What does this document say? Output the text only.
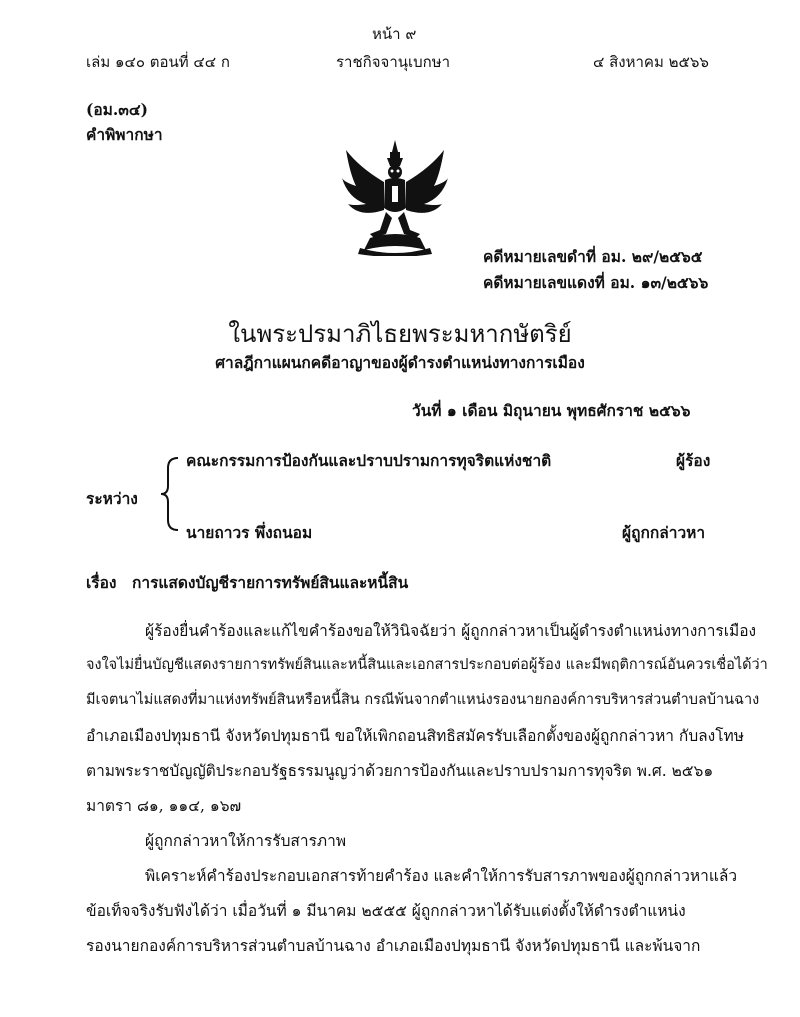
หน้า ๙
เล่ม ๑๔๐ ตอนที่ ๔๔ ก	ราชกิจจานุเบกษา	๔ สิงหาคม ๒๕๖๖
(อม.๓๔)
คำพิพากษา
คดีหมายเลขดำที่ อม. ๒๙/๒๕๖๕
คดีหมายเลขแดงที่ อม. ๑๓/๒๕๖๖
ในพระปรมาภิไธยพระมหากษัตริย์
ศาลฎีกาแผนกคดีอาญาของผู้ดำรงตำแหน่งทางการเมือง
วันที่ ๑ เดือน มิถุนายน พุทธศักราช ๒๕๖๖
ระหว่าง
คณะกรรมการป้องกันและปราบปรามการทุจริตแห่งชาติ	ผู้ร้อง
นายถาวร พึ่งถนอม	ผู้ถูกกล่าวหา
เรื่อง การแสดงบัญชีรายการทรัพย์สินและหนี้สิน
ผู้ร้องยื่นคำร้องและแก้ไขคำร้องขอให้วินิจฉัยว่า ผู้ถูกกล่าวหาเป็นผู้ดำรงตำแหน่งทางการเมือง
จงใจไม่ยื่นบัญชีแสดงรายการทรัพย์สินและหนี้สินและเอกสารประกอบต่อผู้ร้อง และมีพฤติการณ์อันควรเชื่อได้ว่า
มีเจตนาไม่แสดงที่มาแห่งทรัพย์สินหรือหนี้สิน กรณีพ้นจากตำแหน่งรองนายกองค์การบริหารส่วนตำบลบ้านฉาง
อำเภอเมืองปทุมธานี จังหวัดปทุมธานี ขอให้เพิกถอนสิทธิสมัครรับเลือกตั้งของผู้ถูกกล่าวหา กับลงโทษ
ตามพระราชบัญญัติประกอบรัฐธรรมนูญว่าด้วยการป้องกันและปราบปรามการทุจริต พ.ศ. ๒๕๖๑
มาตรา ๘๑, ๑๑๔, ๑๖๗
ผู้ถูกกล่าวหาให้การรับสารภาพ
พิเคราะห์คำร้องประกอบเอกสารท้ายคำร้อง และคำให้การรับสารภาพของผู้ถูกกล่าวหาแล้ว
ข้อเท็จจริงรับฟังได้ว่า เมื่อวันที่ ๑ มีนาคม ๒๕๕๕ ผู้ถูกกล่าวหาได้รับแต่งตั้งให้ดำรงตำแหน่ง
รองนายกองค์การบริหารส่วนตำบลบ้านฉาง อำเภอเมืองปทุมธานี จังหวัดปทุมธานี และพ้นจาก
